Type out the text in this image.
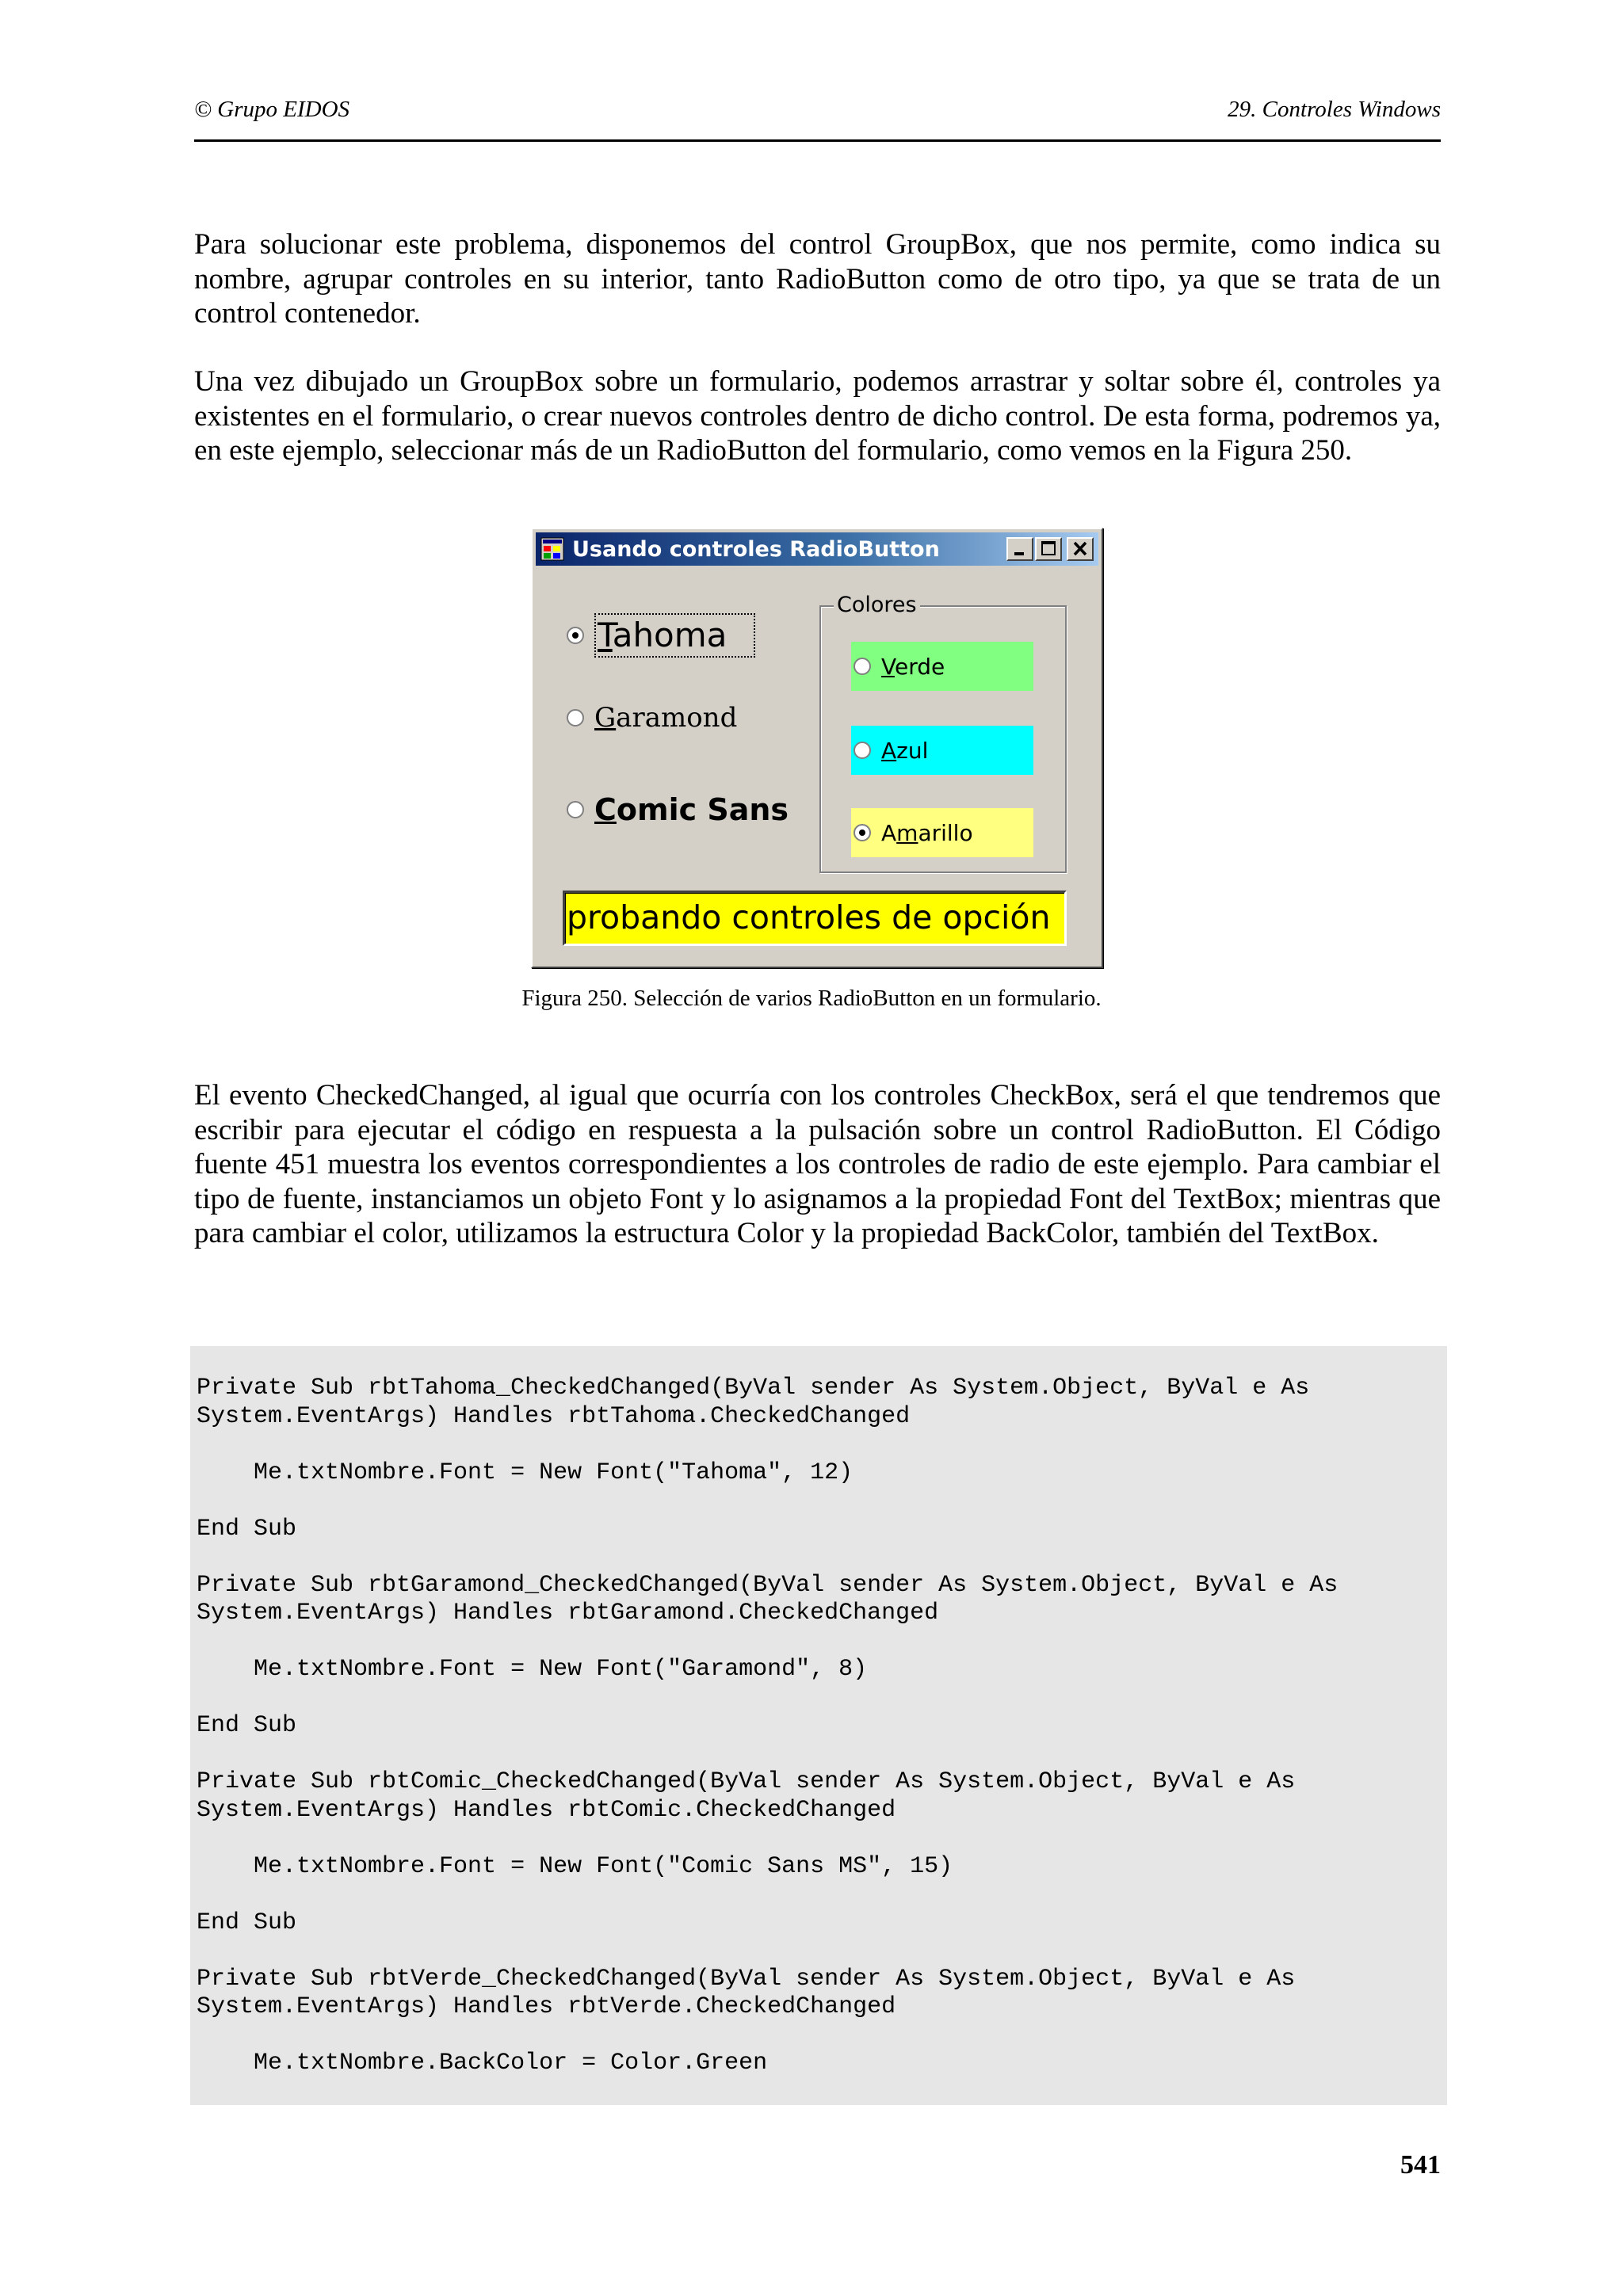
© Grupo EIDOS	29. Controles Windows

Para solucionar este problema, disponemos del control GroupBox, que nos permite, como indica su nombre, agrupar controles en su interior, tanto RadioButton como de otro tipo, ya que se trata de un control contenedor.

Una vez dibujado un GroupBox sobre un formulario, podemos arrastrar y soltar sobre él, controles ya existentes en el formulario, o crear nuevos controles dentro de dicho control. De esta forma, podremos ya, en este ejemplo, seleccionar más de un RadioButton del formulario, como vemos en la Figura 250.

Usando controles RadioButton
Tahoma
Garamond
Comic Sans
Colores
Verde
Azul
Amarillo
probando controles de opción
Figura 250. Selección de varios RadioButton en un formulario.

El evento CheckedChanged, al igual que ocurría con los controles CheckBox, será el que tendremos que escribir para ejecutar el código en respuesta a la pulsación sobre un control RadioButton. El Código fuente 451 muestra los eventos correspondientes a los controles de radio de este ejemplo. Para cambiar el tipo de fuente, instanciamos un objeto Font y lo asignamos a la propiedad Font del TextBox; mientras que para cambiar el color, utilizamos la estructura Color y la propiedad BackColor, también del TextBox.

Private Sub rbtTahoma_CheckedChanged(ByVal sender As System.Object, ByVal e As
System.EventArgs) Handles rbtTahoma.CheckedChanged

Me.txtNombre.Font = New Font("Tahoma", 12)

End Sub

Private Sub rbtGaramond_CheckedChanged(ByVal sender As System.Object, ByVal e As
System.EventArgs) Handles rbtGaramond.CheckedChanged

Me.txtNombre.Font = New Font("Garamond", 8)

End Sub

Private Sub rbtComic_CheckedChanged(ByVal sender As System.Object, ByVal e As
System.EventArgs) Handles rbtComic.CheckedChanged

Me.txtNombre.Font = New Font("Comic Sans MS", 15)

End Sub

Private Sub rbtVerde_CheckedChanged(ByVal sender As System.Object, ByVal e As
System.EventArgs) Handles rbtVerde.CheckedChanged

Me.txtNombre.BackColor = Color.Green
541
